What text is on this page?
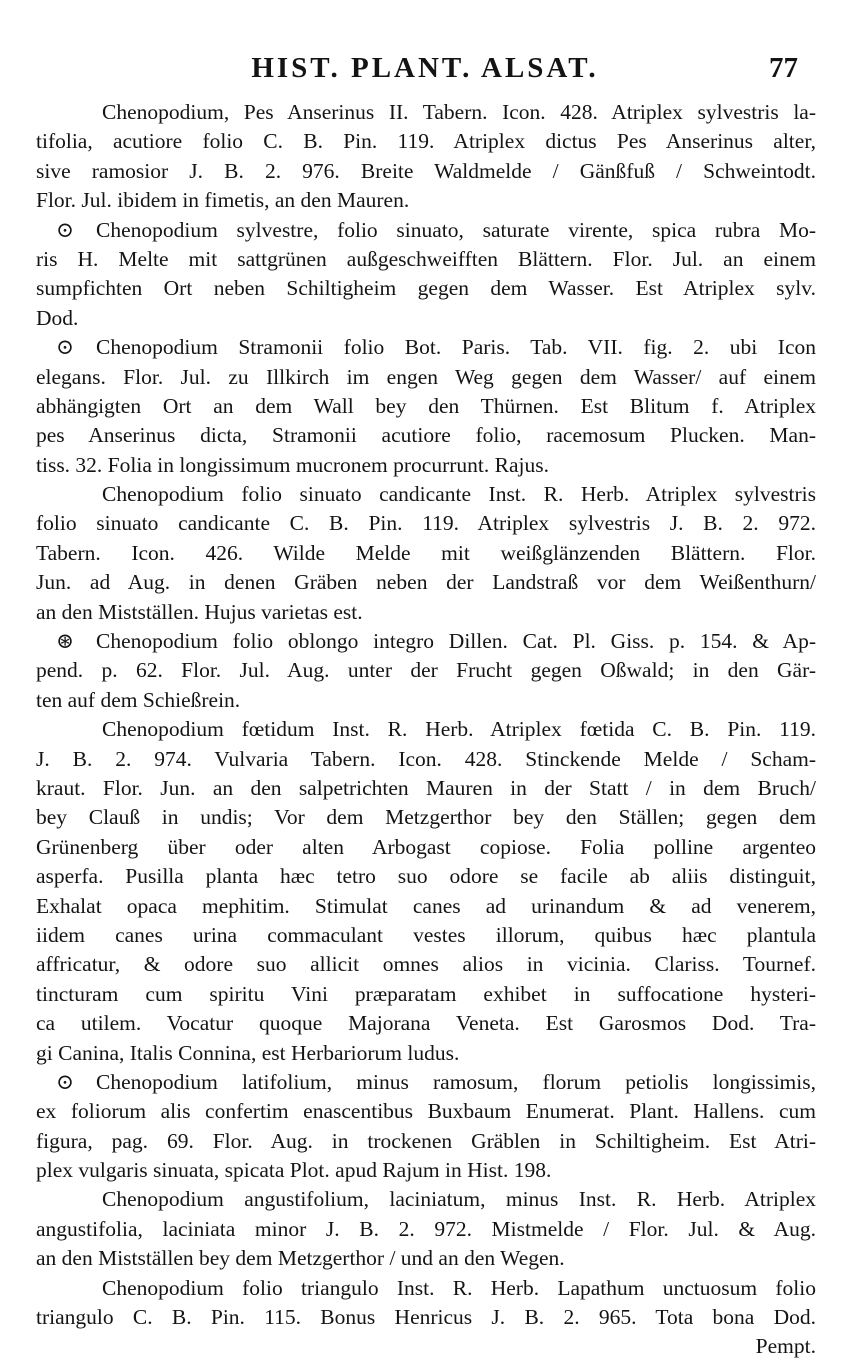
HIST. PLANT. ALSAT.	77
Chenopodium, Pes Anserinus II. Tabern. Icon. 428. Atriplex sylvestris la-
tifolia, acutiore folio C. B. Pin. 119. Atriplex dictus Pes Anserinus alter,
sive ramosior J. B. 2. 976. Breite Waldmelde / Gänßfuß / Schweintodt.
Flor. Jul. ibidem in fimetis, an den Mauren.
⊙ Chenopodium sylvestre, folio sinuato, saturate virente, spica rubra Mo-
ris H. Melte mit sattgrünen außgeschweifften Blättern. Flor. Jul. an einem
sumpfichten Ort neben Schiltigheim gegen dem Wasser. Est Atriplex sylv.
Dod.
⊙ Chenopodium Stramonii folio Bot. Paris. Tab. VII. fig. 2. ubi Icon
elegans. Flor. Jul. zu Illkirch im engen Weg gegen dem Wasser/ auf einem
abhängigten Ort an dem Wall bey den Thürnen. Est Blitum f. Atriplex
pes Anserinus dicta, Stramonii acutiore folio, racemosum Plucken. Man-
tiss. 32. Folia in longissimum mucronem procurrunt. Rajus.
Chenopodium folio sinuato candicante Inst. R. Herb. Atriplex sylvestris
folio sinuato candicante C. B. Pin. 119. Atriplex sylvestris J. B. 2. 972.
Tabern. Icon. 426. Wilde Melde mit weißglänzenden Blättern. Flor.
Jun. ad Aug. in denen Gräben neben der Landstraß vor dem Weißenthurn/
an den Mistställen. Hujus varietas est.
⊛ Chenopodium folio oblongo integro Dillen. Cat. Pl. Giss. p. 154. & Ap-
pend. p. 62. Flor. Jul. Aug. unter der Frucht gegen Oßwald; in den Gär-
ten auf dem Schießrein.
Chenopodium fœtidum Inst. R. Herb. Atriplex fœtida C. B. Pin. 119.
J. B. 2. 974. Vulvaria Tabern. Icon. 428. Stinckende Melde / Scham-
kraut. Flor. Jun. an den salpetrichten Mauren in der Statt / in dem Bruch/
bey Clauß in undis; Vor dem Metzgerthor bey den Ställen; gegen dem
Grünenberg über oder alten Arbogast copiose. Folia polline argenteo
asperfa. Pusilla planta hæc tetro suo odore se facile ab aliis distinguit,
Exhalat opaca mephitim. Stimulat canes ad urinandum & ad venerem,
iidem canes urina commaculant vestes illorum, quibus hæc plantula
affricatur, & odore suo allicit omnes alios in vicinia. Clariss. Tournef.
tincturam cum spiritu Vini præparatam exhibet in suffocatione hysteri-
ca utilem. Vocatur quoque Majorana Veneta. Est Garosmos Dod. Tra-
gi Canina, Italis Connina, est Herbariorum ludus.
⊙ Chenopodium latifolium, minus ramosum, florum petiolis longissimis,
ex foliorum alis confertim enascentibus Buxbaum Enumerat. Plant. Hallens. cum
figura, pag. 69. Flor. Aug. in trockenen Gräblen in Schiltigheim. Est Atri-
plex vulgaris sinuata, spicata Plot. apud Rajum in Hist. 198.
Chenopodium angustifolium, laciniatum, minus Inst. R. Herb. Atriplex
angustifolia, laciniata minor J. B. 2. 972. Mistmelde / Flor. Jul. & Aug.
an den Mistställen bey dem Metzgerthor / und an den Wegen.
Chenopodium folio triangulo Inst. R. Herb. Lapathum unctuosum folio
triangulo C. B. Pin. 115. Bonus Henricus J. B. 2. 965. Tota bona Dod.
Pempt.
